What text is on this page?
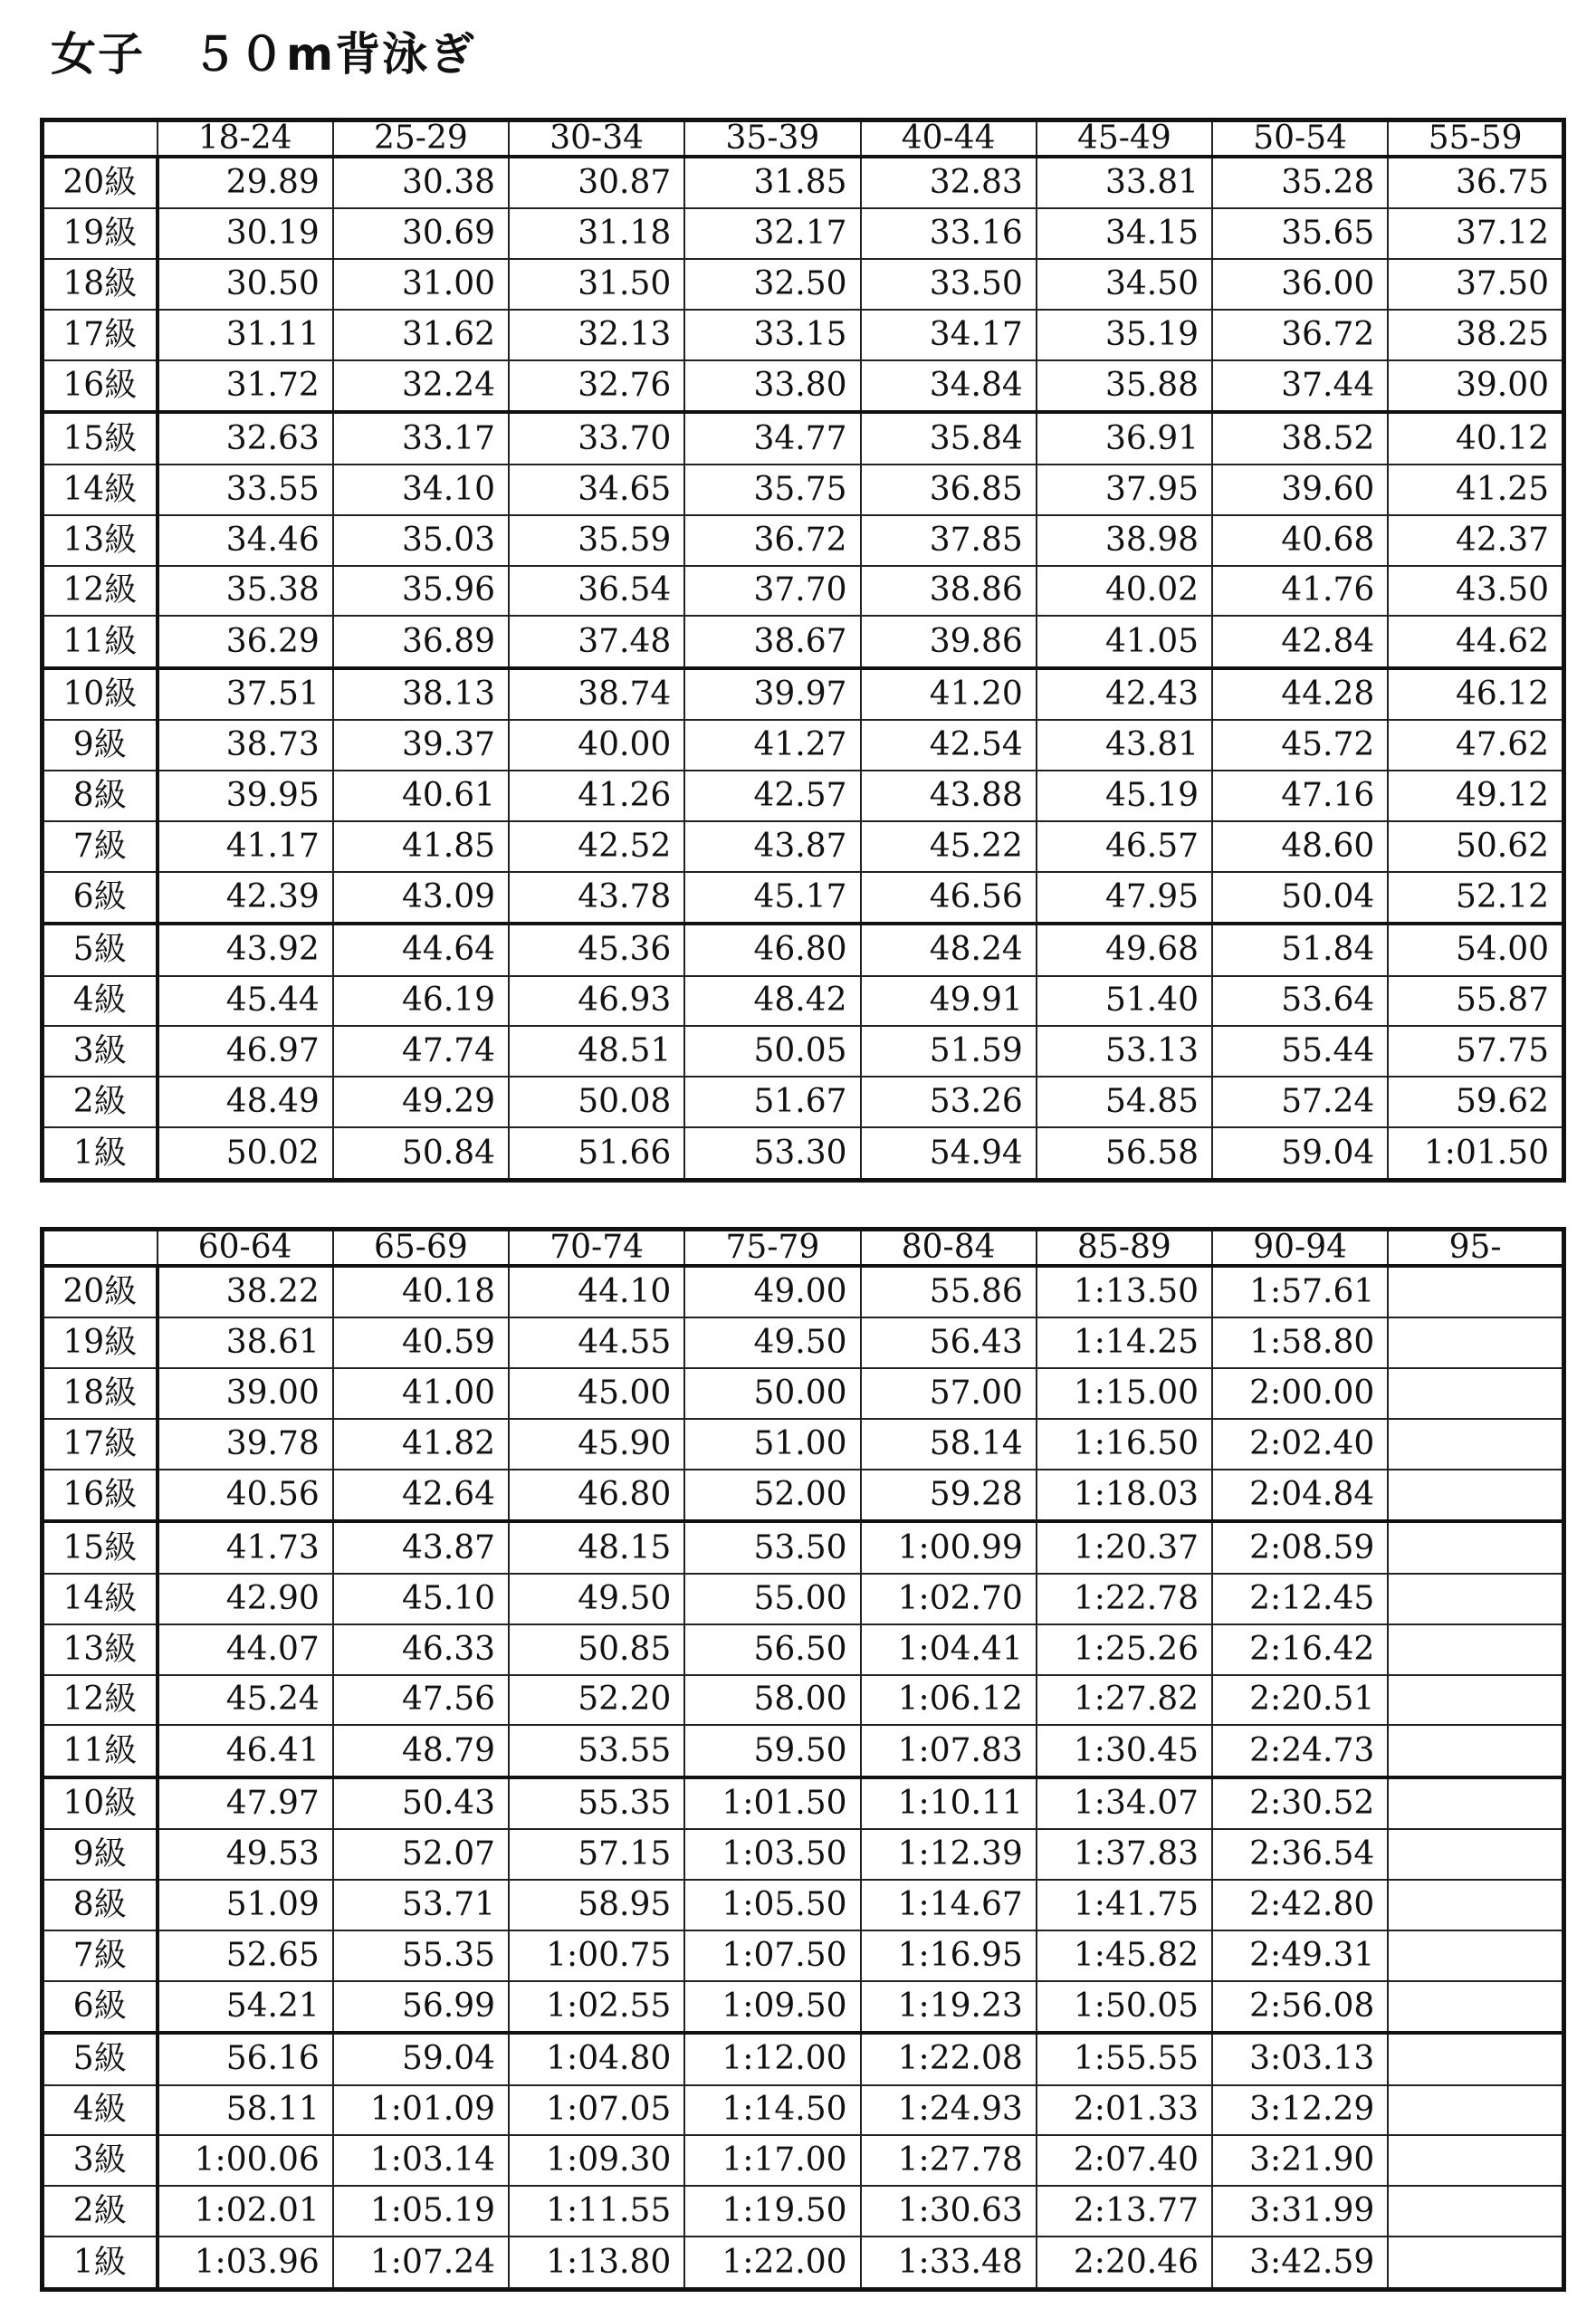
女子　５０m背泳ぎ
	18-24	25-29	30-34	35-39	40-44	45-49	50-54	55-59
20級	29.89	30.38	30.87	31.85	32.83	33.81	35.28	36.75
19級	30.19	30.69	31.18	32.17	33.16	34.15	35.65	37.12
18級	30.50	31.00	31.50	32.50	33.50	34.50	36.00	37.50
17級	31.11	31.62	32.13	33.15	34.17	35.19	36.72	38.25
16級	31.72	32.24	32.76	33.80	34.84	35.88	37.44	39.00
15級	32.63	33.17	33.70	34.77	35.84	36.91	38.52	40.12
14級	33.55	34.10	34.65	35.75	36.85	37.95	39.60	41.25
13級	34.46	35.03	35.59	36.72	37.85	38.98	40.68	42.37
12級	35.38	35.96	36.54	37.70	38.86	40.02	41.76	43.50
11級	36.29	36.89	37.48	38.67	39.86	41.05	42.84	44.62
10級	37.51	38.13	38.74	39.97	41.20	42.43	44.28	46.12
9級	38.73	39.37	40.00	41.27	42.54	43.81	45.72	47.62
8級	39.95	40.61	41.26	42.57	43.88	45.19	47.16	49.12
7級	41.17	41.85	42.52	43.87	45.22	46.57	48.60	50.62
6級	42.39	43.09	43.78	45.17	46.56	47.95	50.04	52.12
5級	43.92	44.64	45.36	46.80	48.24	49.68	51.84	54.00
4級	45.44	46.19	46.93	48.42	49.91	51.40	53.64	55.87
3級	46.97	47.74	48.51	50.05	51.59	53.13	55.44	57.75
2級	48.49	49.29	50.08	51.67	53.26	54.85	57.24	59.62
1級	50.02	50.84	51.66	53.30	54.94	56.58	59.04	1:01.50
	60-64	65-69	70-74	75-79	80-84	85-89	90-94	95-
20級	38.22	40.18	44.10	49.00	55.86	1:13.50	1:57.61	
19級	38.61	40.59	44.55	49.50	56.43	1:14.25	1:58.80	
18級	39.00	41.00	45.00	50.00	57.00	1:15.00	2:00.00	
17級	39.78	41.82	45.90	51.00	58.14	1:16.50	2:02.40	
16級	40.56	42.64	46.80	52.00	59.28	1:18.03	2:04.84	
15級	41.73	43.87	48.15	53.50	1:00.99	1:20.37	2:08.59	
14級	42.90	45.10	49.50	55.00	1:02.70	1:22.78	2:12.45	
13級	44.07	46.33	50.85	56.50	1:04.41	1:25.26	2:16.42	
12級	45.24	47.56	52.20	58.00	1:06.12	1:27.82	2:20.51	
11級	46.41	48.79	53.55	59.50	1:07.83	1:30.45	2:24.73	
10級	47.97	50.43	55.35	1:01.50	1:10.11	1:34.07	2:30.52	
9級	49.53	52.07	57.15	1:03.50	1:12.39	1:37.83	2:36.54	
8級	51.09	53.71	58.95	1:05.50	1:14.67	1:41.75	2:42.80	
7級	52.65	55.35	1:00.75	1:07.50	1:16.95	1:45.82	2:49.31	
6級	54.21	56.99	1:02.55	1:09.50	1:19.23	1:50.05	2:56.08	
5級	56.16	59.04	1:04.80	1:12.00	1:22.08	1:55.55	3:03.13	
4級	58.11	1:01.09	1:07.05	1:14.50	1:24.93	2:01.33	3:12.29	
3級	1:00.06	1:03.14	1:09.30	1:17.00	1:27.78	2:07.40	3:21.90	
2級	1:02.01	1:05.19	1:11.55	1:19.50	1:30.63	2:13.77	3:31.99	
1級	1:03.96	1:07.24	1:13.80	1:22.00	1:33.48	2:20.46	3:42.59	
